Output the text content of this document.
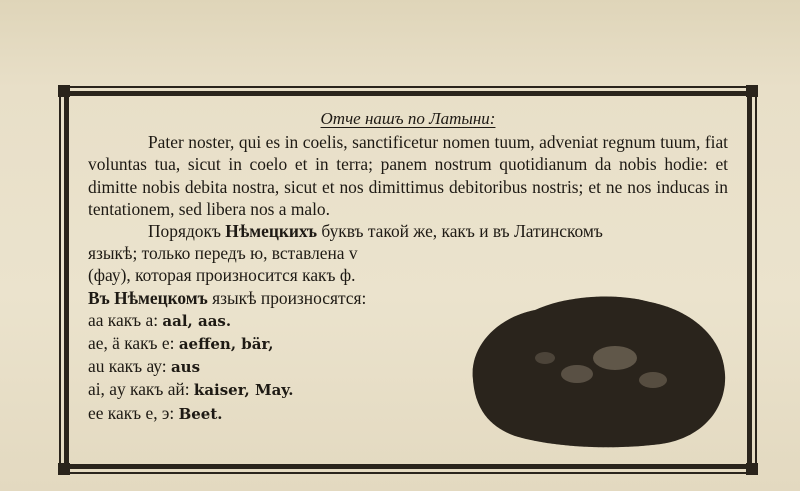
Отче нашъ по Латыни:

Pater noster, qui es in coelis, sanctificetur nomen tuum, adveniat regnum tuum, fiat voluntas tua, sicut in coelo et in terra; panem nostrum quotidianum da nobis hodie: et dimitte nobis debita nostra, sicut et nos dimittimus debitoribus nostris; et ne nos inducas in tentationem, sed libera nos a malo.

Порядокъ Нѣмецкихъ буквъ такой же, какъ и въ Латинскомъ

языкѣ; только передъ ю, вставлена v

(фау), которая произносится какъ ф.

Въ Нѣмецкомъ языкѣ произносятся:

aa какъ а: aal, aas.

ae, ä какъ е: aeffen, bär,

au какъ ау: aus

ai, ay какъ ай: kaiser, May.

ee какъ е, э: Beet.
